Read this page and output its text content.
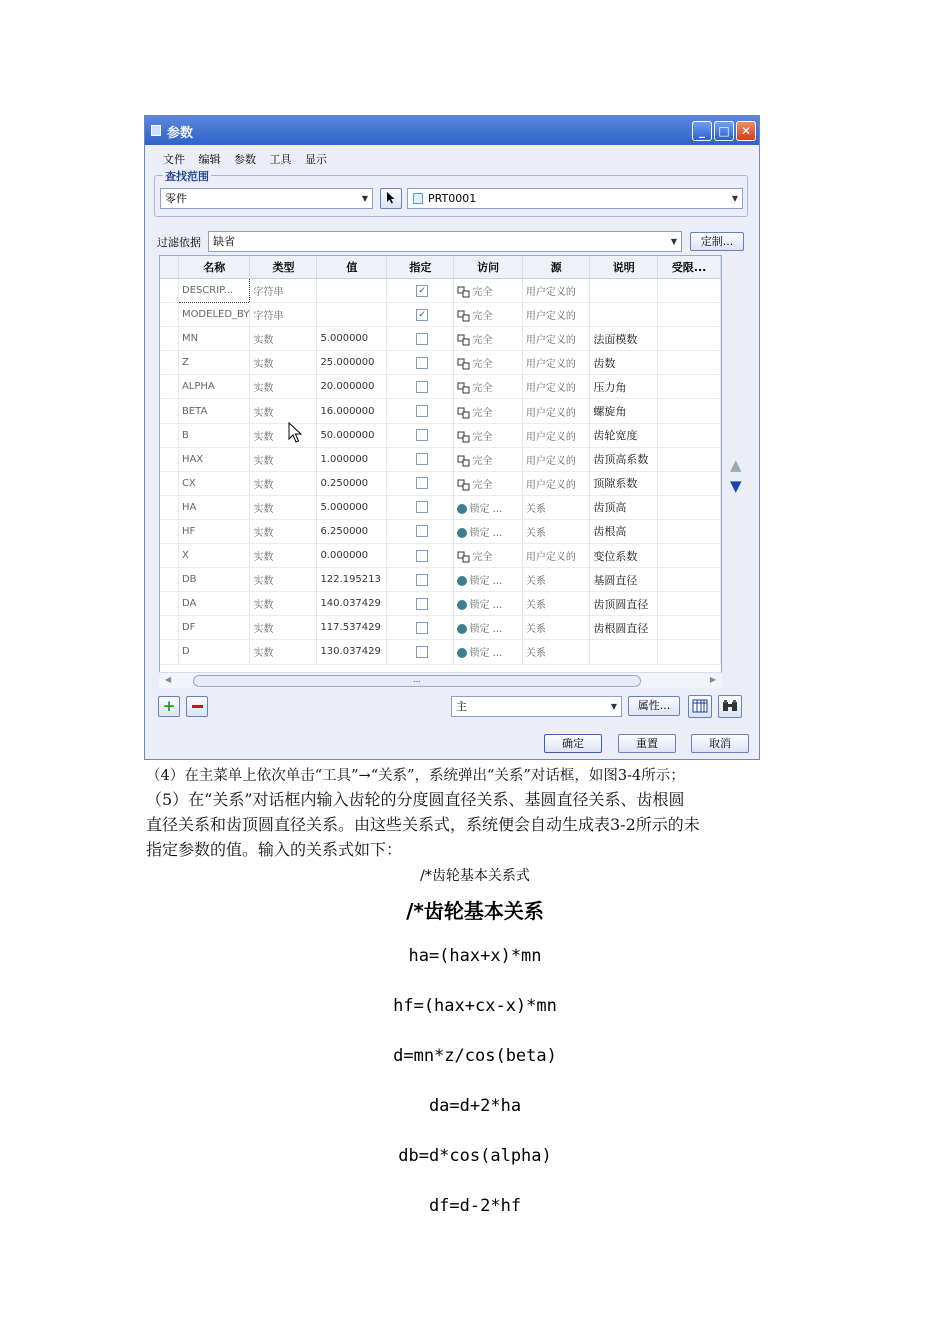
参数	_	□ ✕
文件 编辑 参数 工具 显示
查找范围
零件	▼	PRT0001	▼
过滤依据	缺省	▼	定制...
	名称	类型	值	指定	访问	源	说明	受限...
	DESCRIP...	字符串		✓	完全	用户定义的		
	MODELED_BY	字符串		✓	完全	用户定义的		
	MN	实数	5.000000		完全	用户定义的	法面模数	
	Z	实数	25.000000		完全	用户定义的	齿数	
	ALPHA	实数	20.000000		完全	用户定义的	压力角	
	BETA	实数	16.000000		完全	用户定义的	螺旋角	
	B	实数	50.000000		完全	用户定义的	齿轮宽度	
	HAX	实数	1.000000		完全	用户定义的	齿顶高系数	
	CX	实数	0.250000		完全	用户定义的	顶隙系数	
	HA	实数	5.000000		锁定 ...	关系	齿顶高	
	HF	实数	6.250000		锁定 ...	关系	齿根高	
	X	实数	0.000000		完全	用户定义的	变位系数	
	DB	实数	122.195213		锁定 ...	关系	基圆直径	
	DA	实数	140.037429		锁定 ...	关系	齿顶圆直径	
	DF	实数	117.537429		锁定 ...	关系	齿根圆直径	
	D	实数	130.037429		锁定 ...	关系		
◀	...	▶
▲
▼
+	主	▼	属性...
确定	重置	取消
（4）在主菜单上依次单击“工具”→“关系”，系统弹出“关系”对话框，如图3-4所示；
（5）在“关系”对话框内输入齿轮的分度圆直径关系、基圆直径关系、齿根圆
直径关系和齿顶圆直径关系。由这些关系式，系统便会自动生成表3-2所示的未
指定参数的值。输入的关系式如下：
/*齿轮基本关系式
/*齿轮基本关系
ha=(hax+x)*mn
hf=(hax+cx-x)*mn
d=mn*z/cos(beta)
da=d+2*ha
db=d*cos(alpha)
df=d-2*hf
